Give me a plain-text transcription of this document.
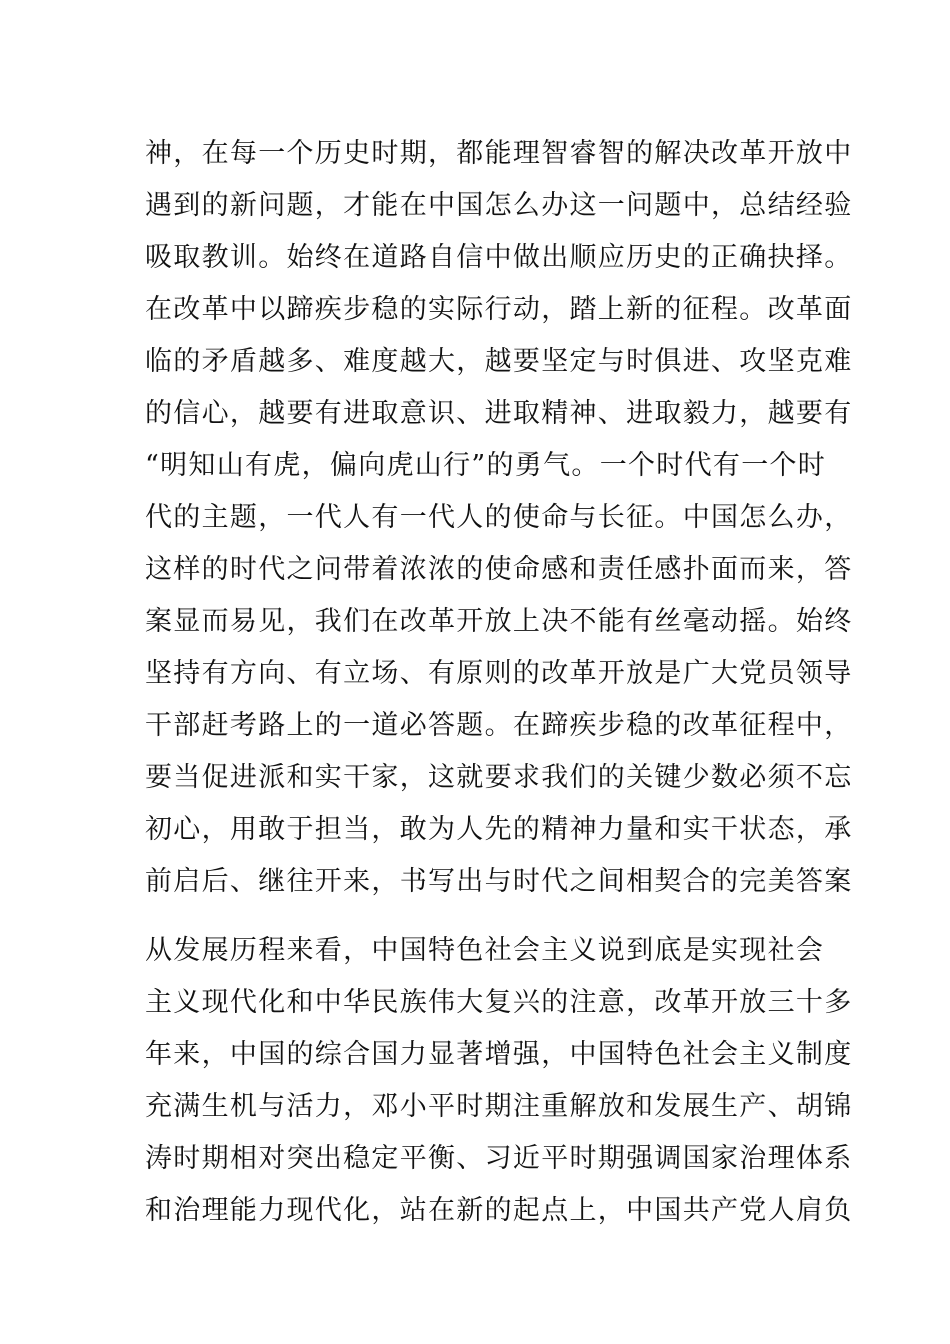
神，在每一个历史时期，都能理智睿智的解决改革开放中
遇到的新问题，才能在中国怎么办这一问题中，总结经验
吸取教训。始终在道路自信中做出顺应历史的正确抉择。
在改革中以蹄疾步稳的实际行动，踏上新的征程。改革面
临的矛盾越多、难度越大，越要坚定与时俱进、攻坚克难
的信心，越要有进取意识、进取精神、进取毅力，越要有
“明知山有虎，偏向虎山行”的勇气。一个时代有一个时
代的主题，一代人有一代人的使命与长征。中国怎么办，
这样的时代之问带着浓浓的使命感和责任感扑面而来，答
案显而易见，我们在改革开放上决不能有丝毫动摇。始终
坚持有方向、有立场、有原则的改革开放是广大党员领导
干部赶考路上的一道必答题。在蹄疾步稳的改革征程中，
要当促进派和实干家，这就要求我们的关键少数必须不忘
初心，用敢于担当，敢为人先的精神力量和实干状态，承
前启后、继往开来，书写出与时代之间相契合的完美答案
从发展历程来看，中国特色社会主义说到底是实现社会
主义现代化和中华民族伟大复兴的注意，改革开放三十多
年来，中国的综合国力显著增强，中国特色社会主义制度
充满生机与活力，邓小平时期注重解放和发展生产、胡锦
涛时期相对突出稳定平衡、习近平时期强调国家治理体系
和治理能力现代化，站在新的起点上，中国共产党人肩负
